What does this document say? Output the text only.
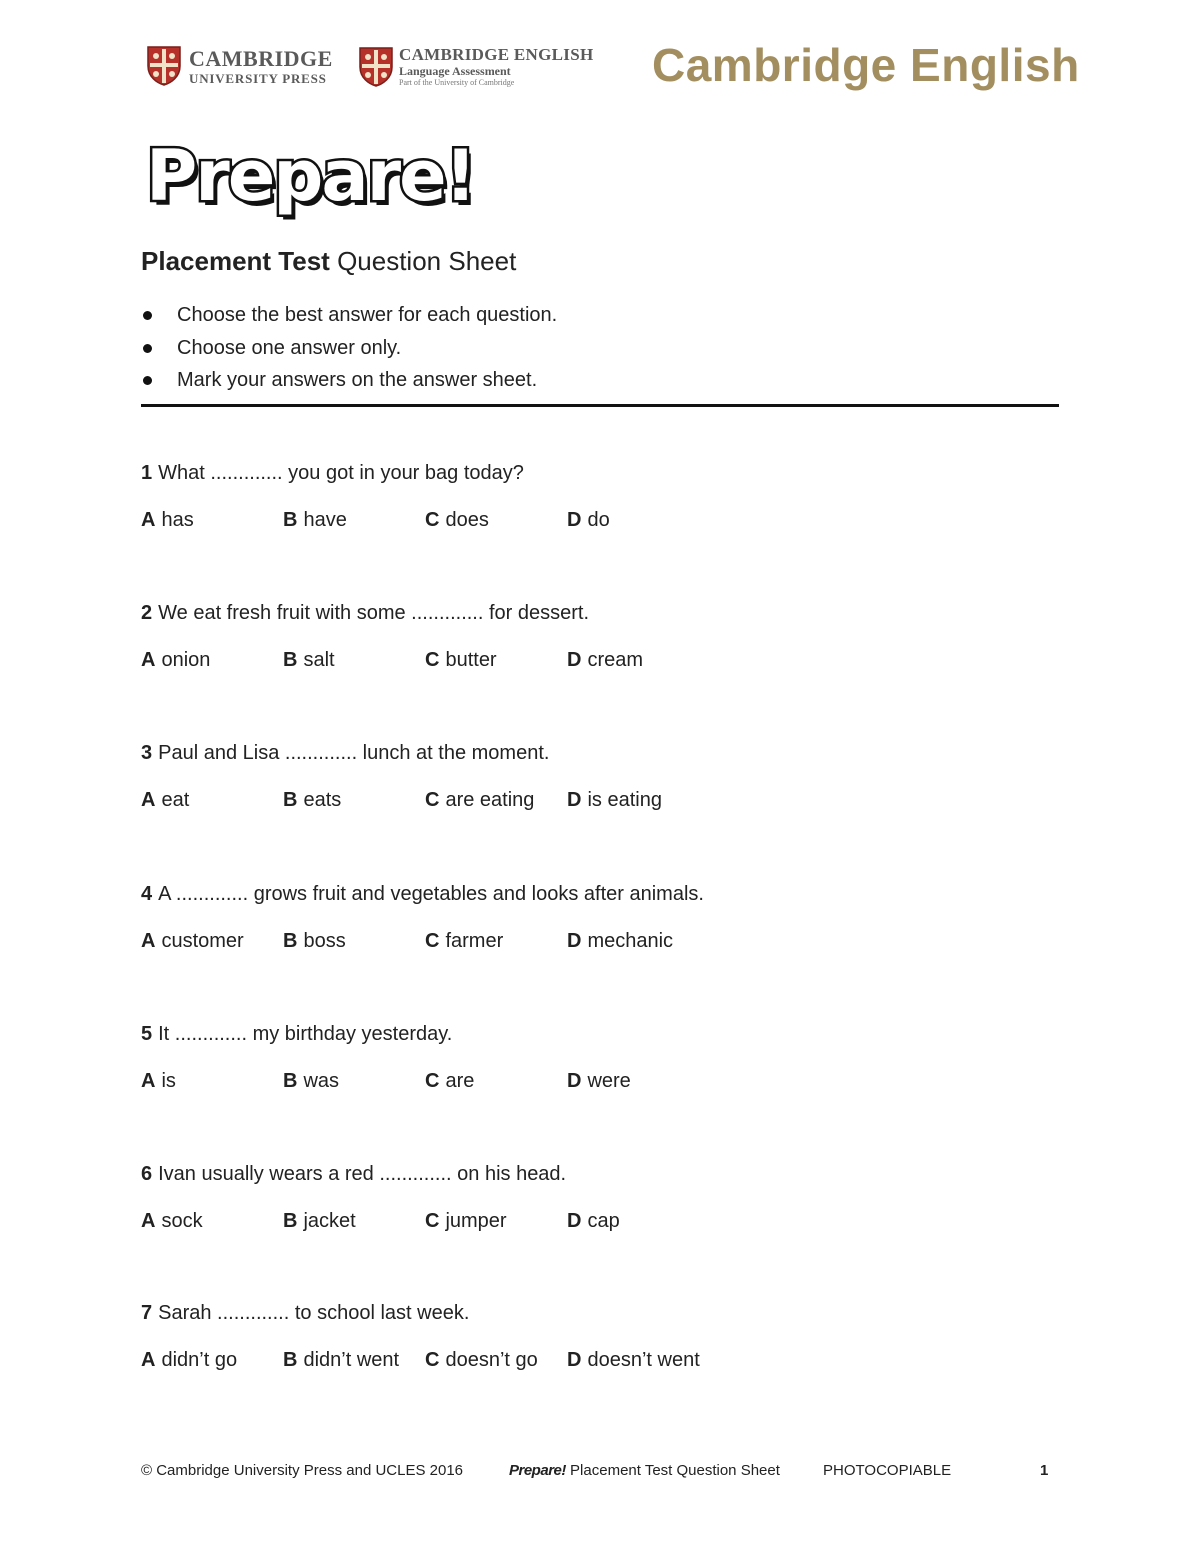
CAMBRIDGE
UNIVERSITY PRESS
CAMBRIDGE ENGLISH
Language Assessment
Part of the University of Cambridge	Cambridge English
Prepare!
Placement Test Question Sheet
Choose the best answer for each question.
Choose one answer only.
Mark your answers on the answer sheet.
1 What ............. you got in your bag today?
A has	B have	C does	D do
2 We eat fresh fruit with some ............. for dessert.
A onion	B salt	C butter	D cream
3 Paul and Lisa ............. lunch at the moment.
A eat	B eats	C are eating	D is eating
4 A ............. grows fruit and vegetables and looks after animals.
A customer	B boss	C farmer	D mechanic
5 It ............. my birthday yesterday.
A is	B was	C are	D were
6 Ivan usually wears a red ............. on his head.
A sock	B jacket	C jumper	D cap
7 Sarah ............. to school last week.
A didn’t go	B didn’t went	C doesn’t go	D doesn’t went
© Cambridge University Press and UCLES 2016	Prepare! Placement Test Question Sheet	PHOTOCOPIABLE	1
